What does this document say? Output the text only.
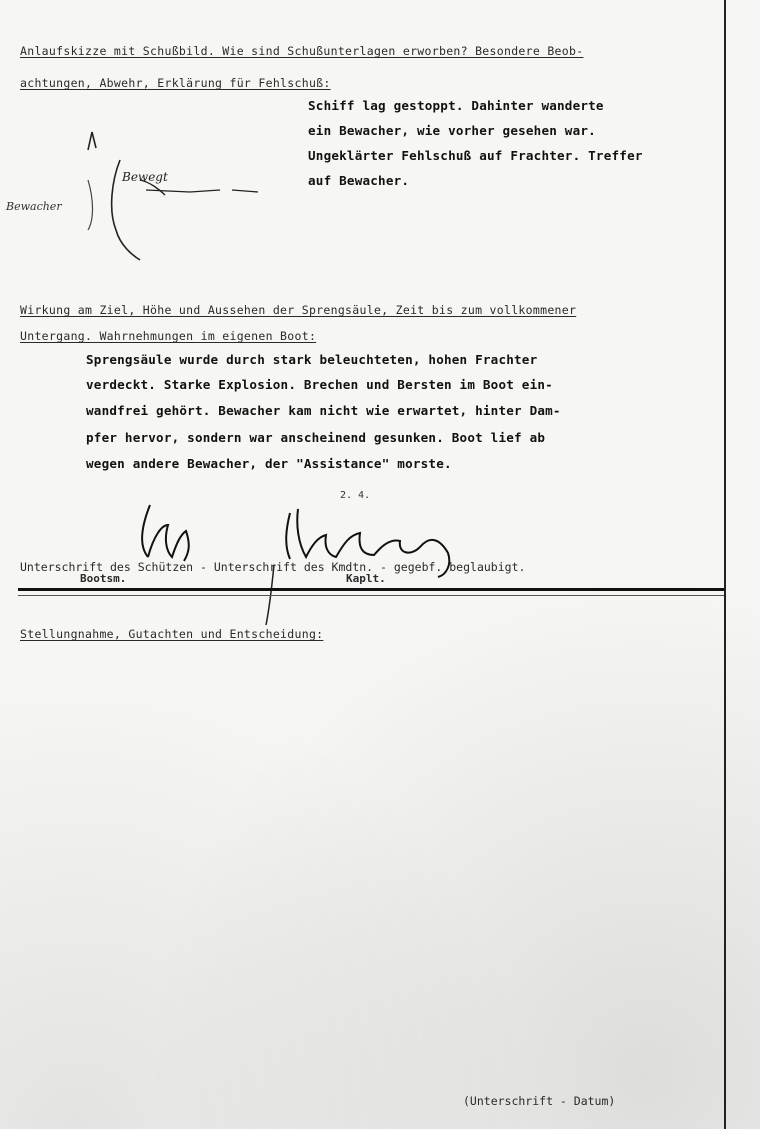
Anlaufskizze mit Schußbild. Wie sind Schußunterlagen erworben? Besondere Beob-
achtungen, Abwehr, Erklärung für Fehlschuß:
Schiff lag gestoppt. Dahinter wanderte
ein Bewacher, wie vorher gesehen war.
Ungeklärter Fehlschuß auf Frachter. Treffer
auf Bewacher.
Bewacher
Bewegt
Wirkung am Ziel, Höhe und Aussehen der Sprengsäule, Zeit bis zum vollkommener
Untergang. Wahrnehmungen im eigenen Boot:
Sprengsäule wurde durch stark beleuchteten, hohen Frachter
verdeckt. Starke Explosion. Brechen und Bersten im Boot ein-
wandfrei gehört. Bewacher kam nicht wie erwartet, hinter Dam-
pfer hervor, sondern war anscheinend gesunken. Boot lief ab
wegen andere Bewacher, der "Assistance" morste.
2. 4.
Unterschrift des Schützen - Unterschrift des Kmdtn. - gegebf. beglaubigt.
Bootsm.	Kaplt.
Stellungnahme, Gutachten und Entscheidung:
(Unterschrift - Datum)
